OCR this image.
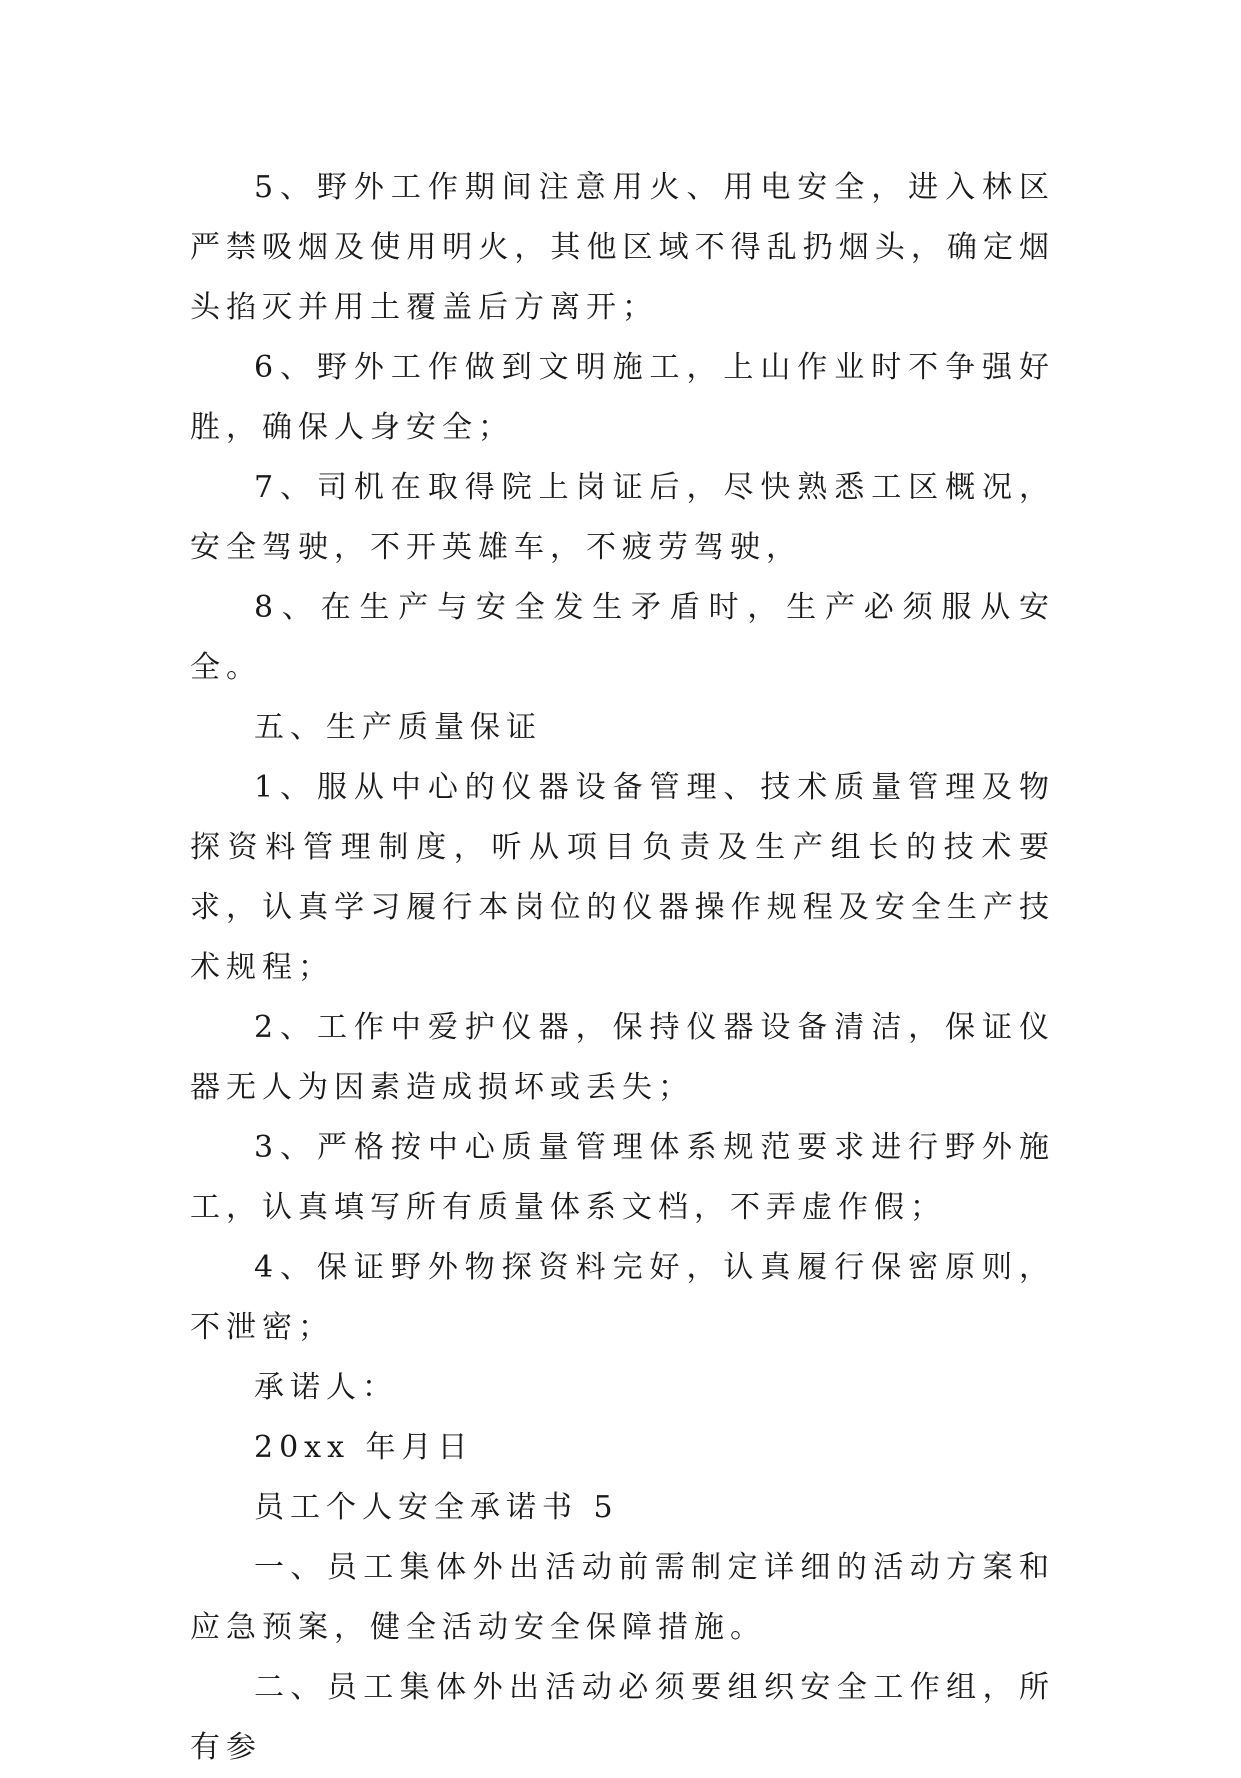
5、野外工作期间注意用火、用电安全，进入林区严禁吸烟及使用明火，其他区域不得乱扔烟头，确定烟头掐灭并用土覆盖后方离开；

6、野外工作做到文明施工，上山作业时不争强好胜，确保人身安全；

7、司机在取得院上岗证后，尽快熟悉工区概况，安全驾驶，不开英雄车，不疲劳驾驶，

8、在生产与安全发生矛盾时，生产必须服从安全。

五、生产质量保证

1、服从中心的仪器设备管理、技术质量管理及物探资料管理制度，听从项目负责及生产组长的技术要求，认真学习履行本岗位的仪器操作规程及安全生产技术规程；

2、工作中爱护仪器，保持仪器设备清洁，保证仪器无人为因素造成损坏或丢失；

3、严格按中心质量管理体系规范要求进行野外施工，认真填写所有质量体系文档，不弄虚作假；

4、保证野外物探资料完好，认真履行保密原则，不泄密；

承诺人：

20xx 年月日

员工个人安全承诺书 5

一、员工集体外出活动前需制定详细的活动方案和应急预案，健全活动安全保障措施。

二、员工集体外出活动必须要组织安全工作组，所有参
